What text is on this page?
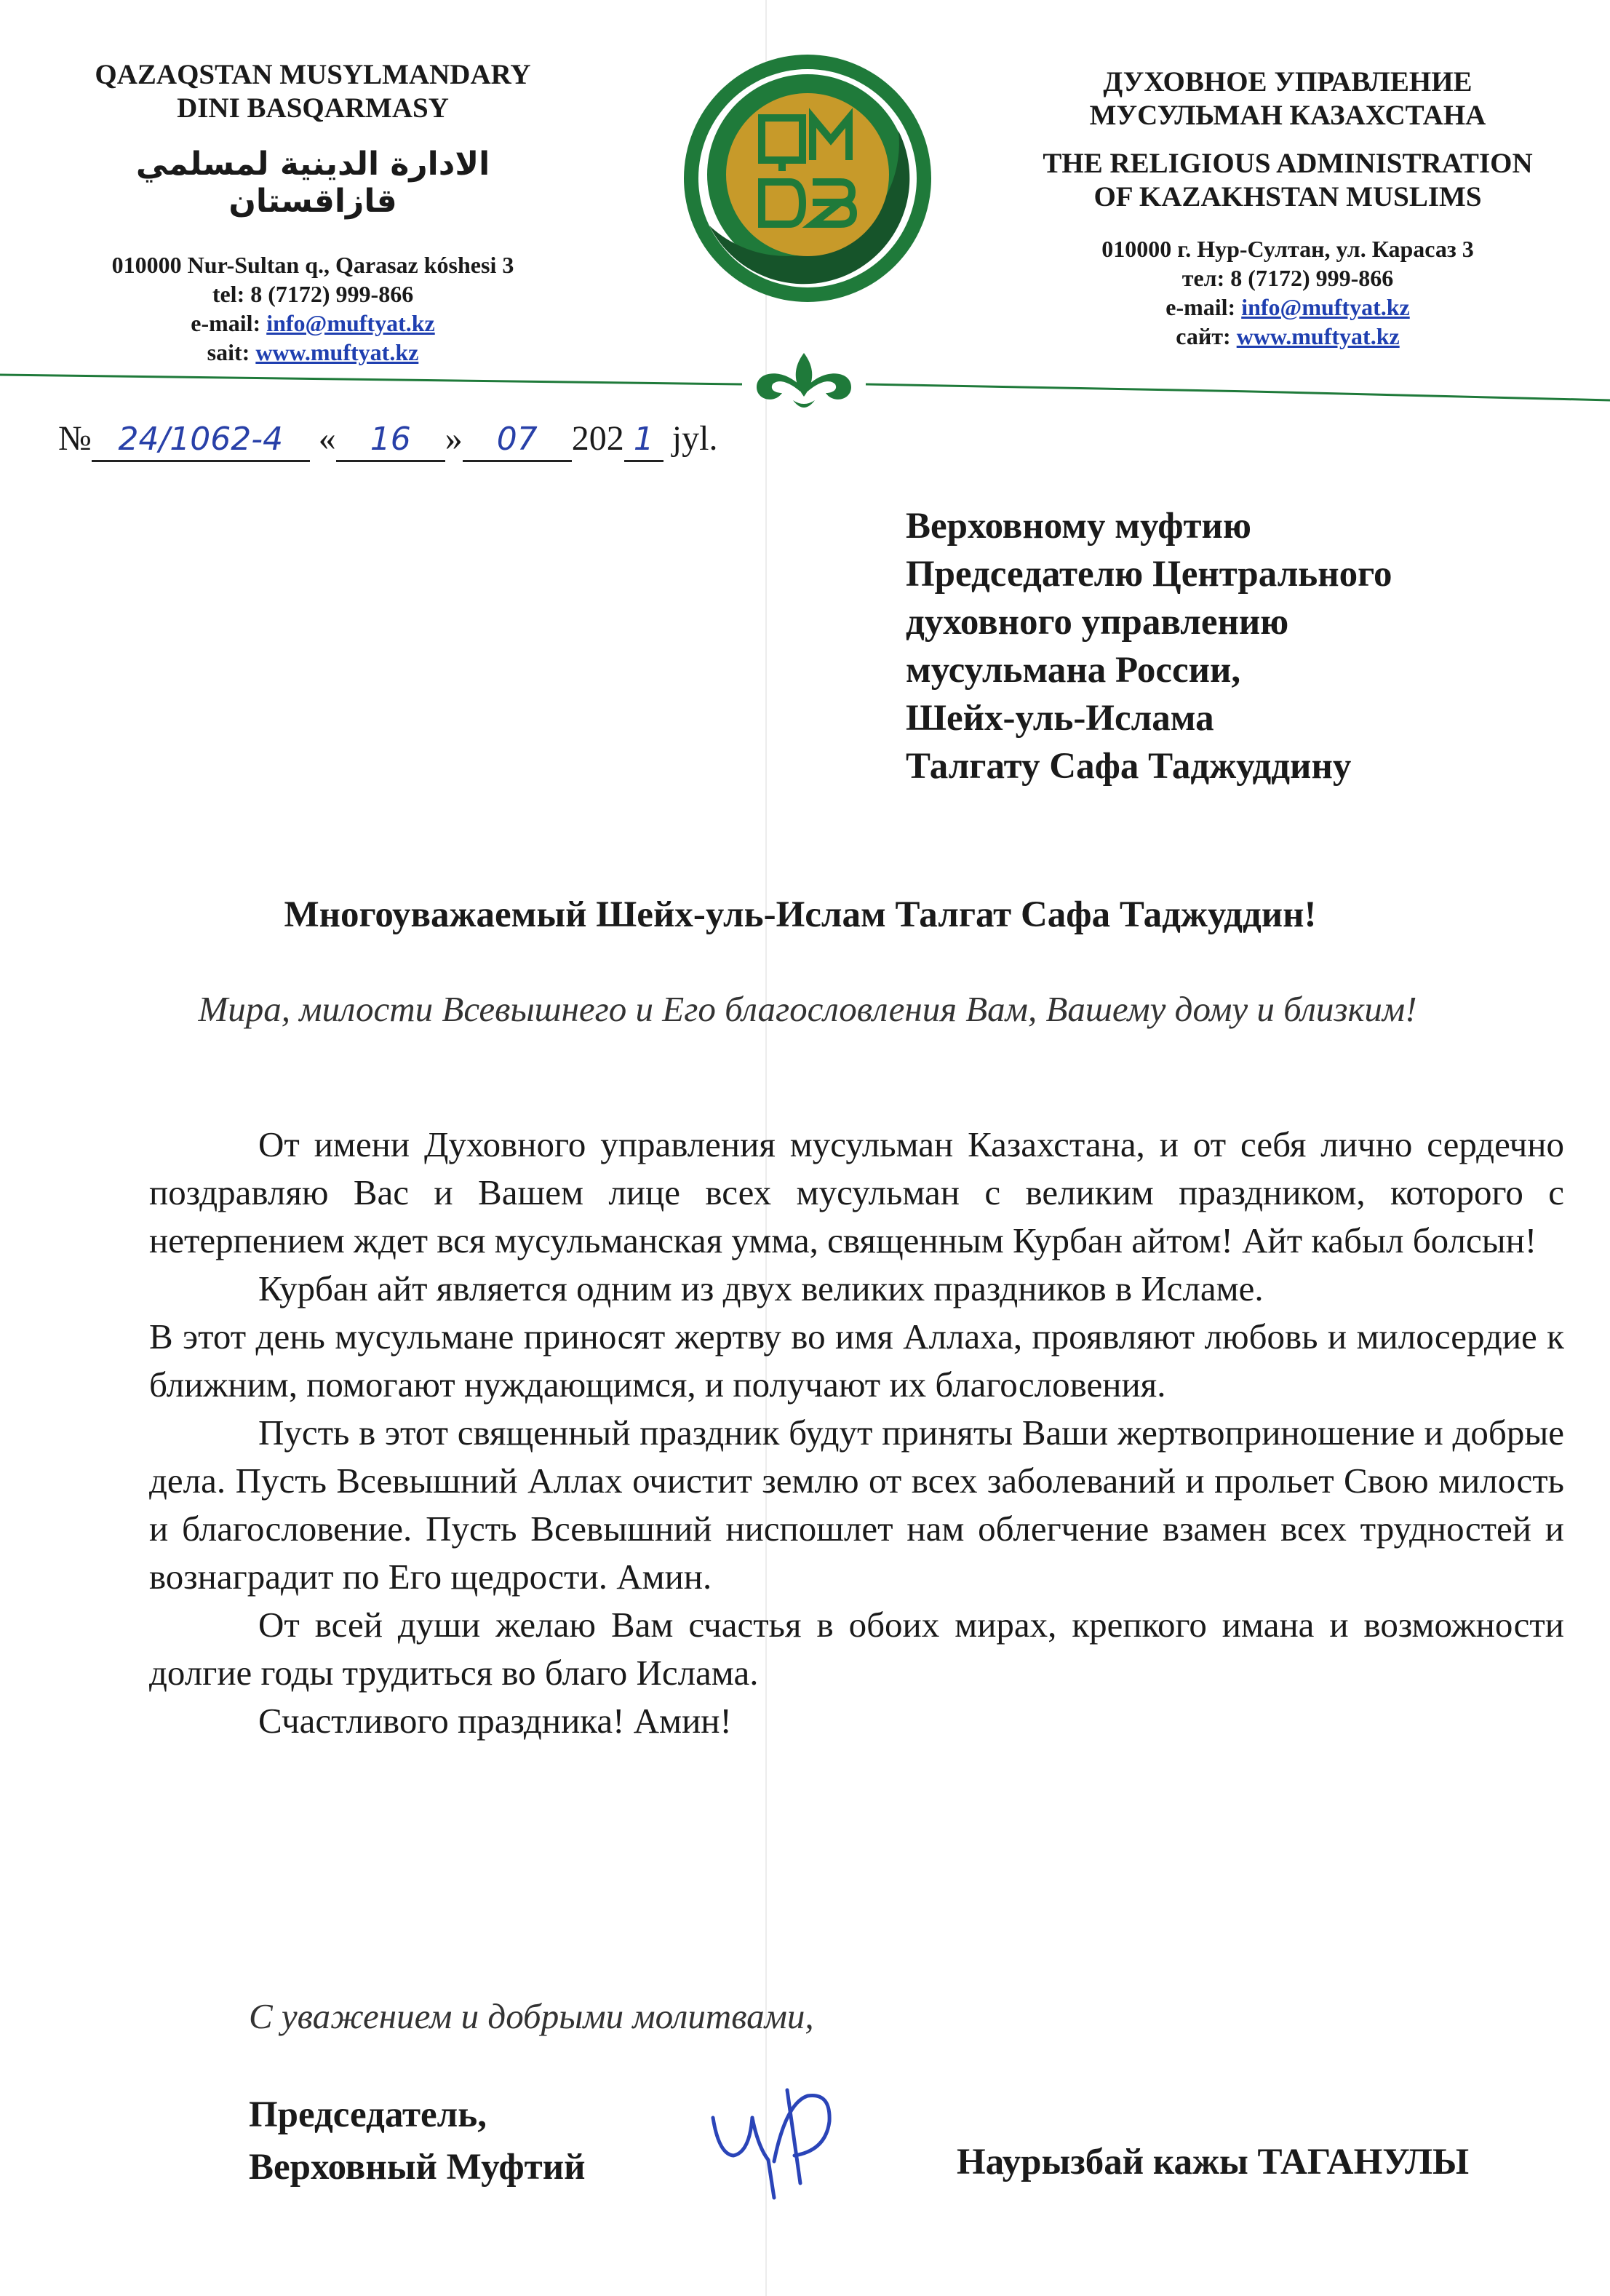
QAZAQSTAN MUSYLMANDARY
DINI BASQARMASY
الادارة الدينية لمسلمي قازاقستان
010000 Nur-Sultan q., Qarasaz kóshesi 3
tel: 8 (7172) 999-866
e-mail: info@muftyat.kz
sait: www.muftyat.kz
ДУХОВНОЕ УПРАВЛЕНИЕ
МУСУЛЬМАН КАЗАХСТАНА
THE RELIGIOUS ADMINISTRATION
OF KAZAKHSTAN MUSLIMS
010000 г. Нур-Султан, ул. Карасаз 3
тел: 8 (7172) 999-866
e-mail: info@muftyat.kz
сайт: www.muftyat.kz
№ 24/1062-4 « 16 » 07 202 1 jyl.
Верховному муфтию
Председателю Центрального
духовного управлению
мусульмана России,
Шейх-уль-Ислама
Талгату Сафа Таджуддину
Многоуважаемый Шейх-уль-Ислам Талгат Сафа Таджуддин!
Мира, милости Всевышнего и Его благословления Вам, Вашему дому и близким!

От имени Духовного управления мусульман Казахстана, и от себя лично сердечно поздравляю Вас и Вашем лице всех мусульман с великим праздником, которого с нетерпением ждет вся мусульманская умма, священным Курбан айтом! Айт кабыл болсын!

Курбан айт является одним из двух великих праздников в Исламе.

В этот день мусульмане приносят жертву во имя Аллаха, проявляют любовь и милосердие к ближним, помогают нуждающимся, и получают их благословения.

Пусть в этот священный праздник будут приняты Ваши жертвоприношение и добрые дела. Пусть Всевышний Аллах очистит землю от всех заболеваний и прольет Свою милость и благословение. Пусть Всевышний ниспошлет нам облегчение взамен всех трудностей и вознаградит по Его щедрости. Амин.

От всей души желаю Вам счастья в обоих мирах, крепкого имана и возможности долгие годы трудиться во благо Ислама.

Счастливого праздника! Амин!

С уважением и добрыми молитвами,
Председатель,
Верховный Муфтий	Наурызбай кажы ТАГАНУЛЫ
